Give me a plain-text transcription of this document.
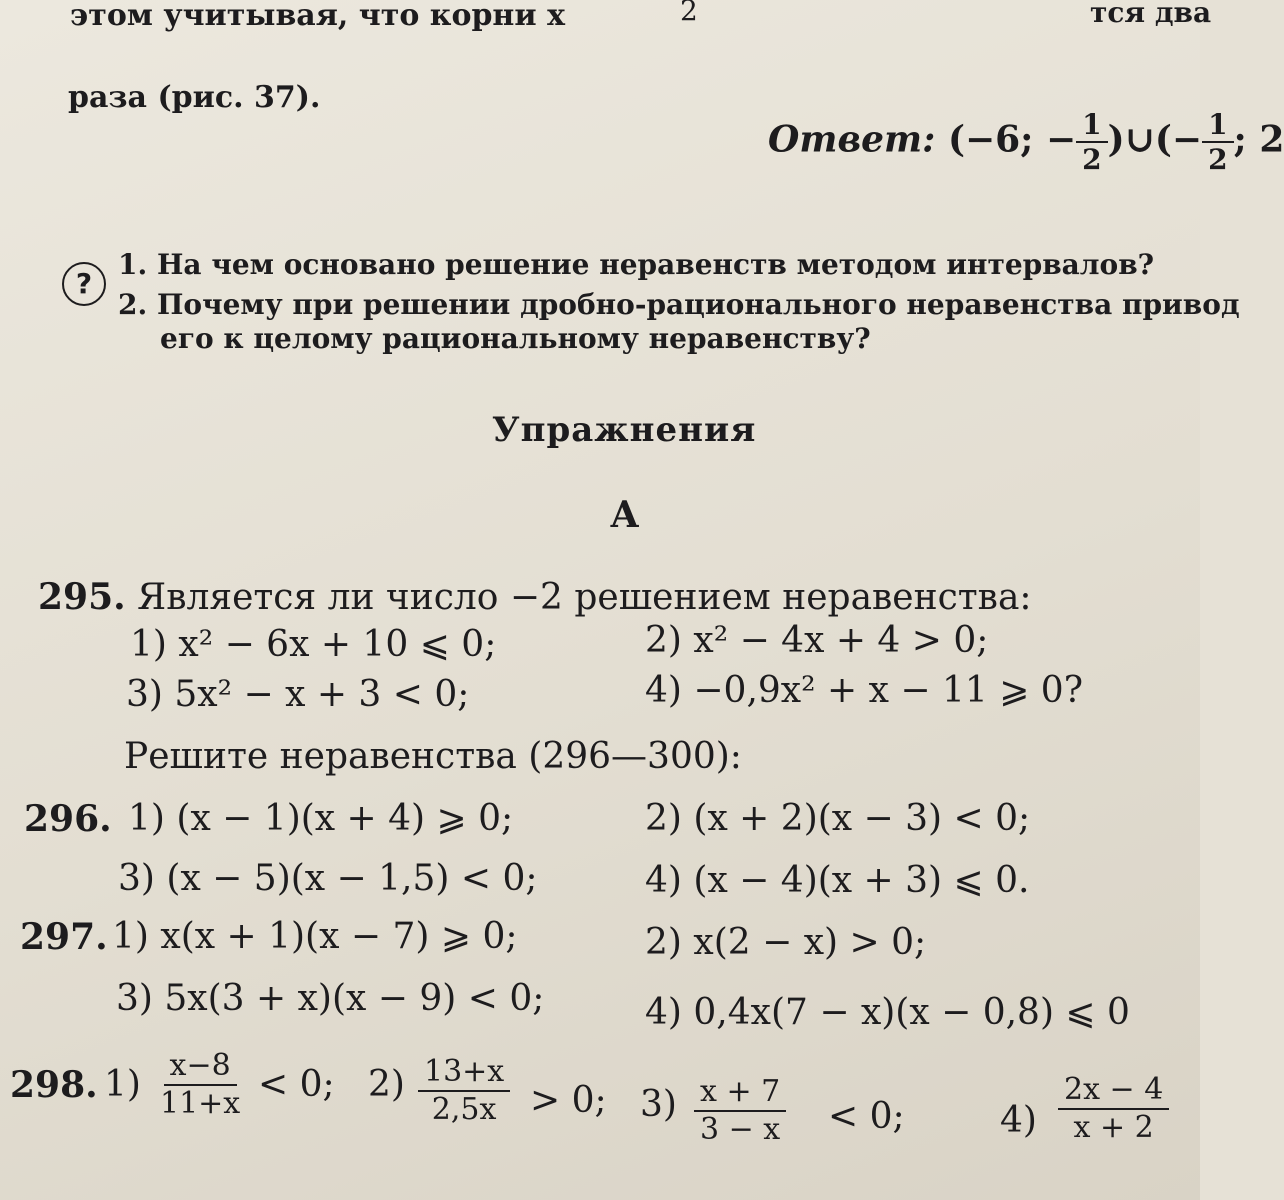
этом учитывая, что корни x	2	тся два
раза (рис. 37).
Ответ: (−6; − $\frac{1}{2}$ )∪(− $\frac{1}{2}$ ; 2
?
1. На чем основано решение неравенств методом интервалов?
2. Почему при решении дробно-рационального неравенства привод
его к целому рациональному неравенству?
Упражнения
А
295. Является ли число −2 решением неравенства:
1) x² − 6x + 10 ⩽ 0;	2) x² − 4x + 4 > 0;
3) 5x² − x + 3 < 0;	4) −0,9x² + x − 11 ⩾ 0?
Решите неравенства (296—300):
296. 1) (x − 1)(x + 4) ⩾ 0;	2) (x + 2)(x − 3) < 0;
3) (x − 5)(x − 1,5) < 0;	4) (x − 4)(x + 3) ⩽ 0.
297. 1) x(x + 1)(x − 7) ⩾ 0;	2) x(2 − x) > 0;
3) 5x(3 + x)(x − 9) < 0;	4) 0,4x(7 − x)(x − 0,8) ⩽ 0
298. $1) \frac{x-8}{11+x} < 0$; $2) \frac{13+x}{2,5x} > 0$; $3) \frac{x + 7}{3 - x} < 0$;	$4) \frac{2x - 4}{x + 2}$
